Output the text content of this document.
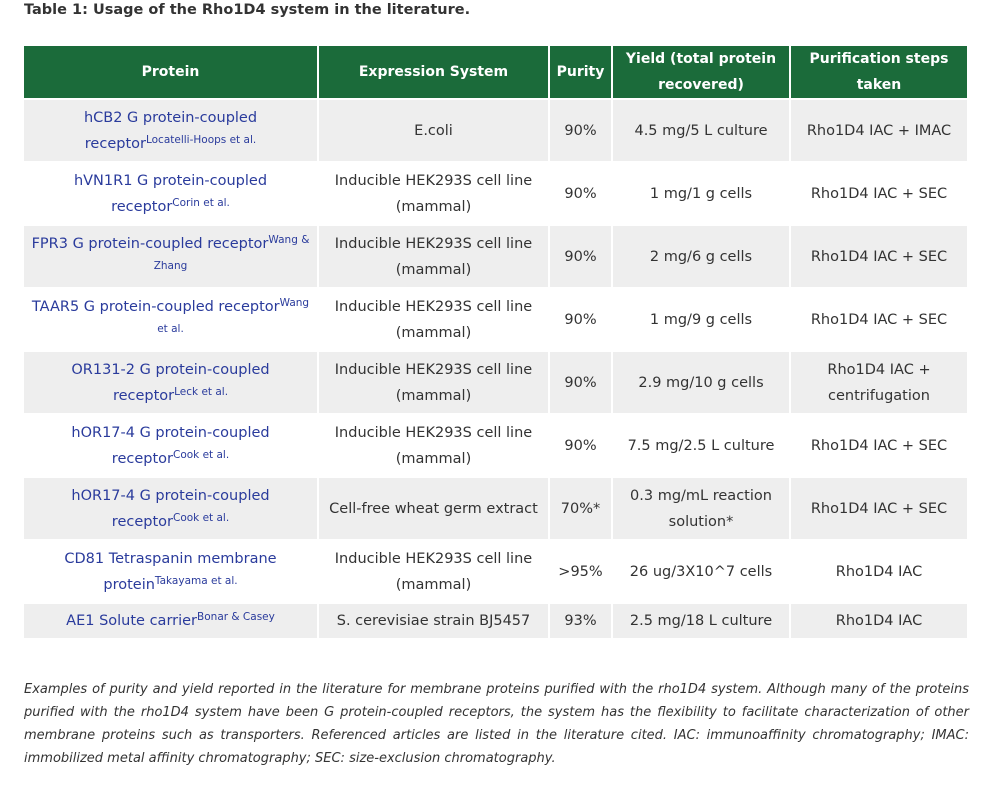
Table 1: Usage of the Rho1D4 system in the literature.
Protein	Expression System	Purity	Yield (total protein recovered)	Purification steps taken
hCB2 G protein-coupled receptor$^{Locatelli-Hoops et al.}$	E.coli	90%	4.5 mg/5 L culture	Rho1D4 IAC + IMAC
hVN1R1 G protein-coupled receptor$^{Corin et al.}$	Inducible HEK293S cell line (mammal)	90%	1 mg/1 g cells	Rho1D4 IAC + SEC
FPR3 G protein-coupled receptor$^{Wang \& Zhang}$	Inducible HEK293S cell line (mammal)	90%	2 mg/6 g cells	Rho1D4 IAC + SEC
TAAR5 G protein-coupled receptor$^{Wang et al.}$	Inducible HEK293S cell line (mammal)	90%	1 mg/9 g cells	Rho1D4 IAC + SEC
OR131-2 G protein-coupled receptor$^{Leck et al.}$	Inducible HEK293S cell line (mammal)	90%	2.9 mg/10 g cells	Rho1D4 IAC + centrifugation
hOR17-4 G protein-coupled receptor$^{Cook et al.}$	Inducible HEK293S cell line (mammal)	90%	7.5 mg/2.5 L culture	Rho1D4 IAC + SEC
hOR17-4 G protein-coupled receptor$^{Cook et al.}$	Cell-free wheat germ extract	70%*	0.3 mg/mL reaction solution*	Rho1D4 IAC + SEC
CD81 Tetraspanin membrane protein$^{Takayama et al.}$	Inducible HEK293S cell line (mammal)	>95%	26 ug/3X10^7 cells	Rho1D4 IAC
AE1 Solute carrier$^{Bonar \& Casey}$	S. cerevisiae strain BJ5457	93%	2.5 mg/18 L culture	Rho1D4 IAC
Examples of purity and yield reported in the literature for membrane proteins purified with the rho1D4 system. Although many of the proteins purified with the rho1D4 system have been G protein-coupled receptors, the system has the flexibility to facilitate characterization of other membrane proteins such as transporters. Referenced articles are listed in the literature cited. IAC: immunoaffinity chromatography; IMAC: immobilized metal affinity chromatography; SEC: size-exclusion chromatography.
